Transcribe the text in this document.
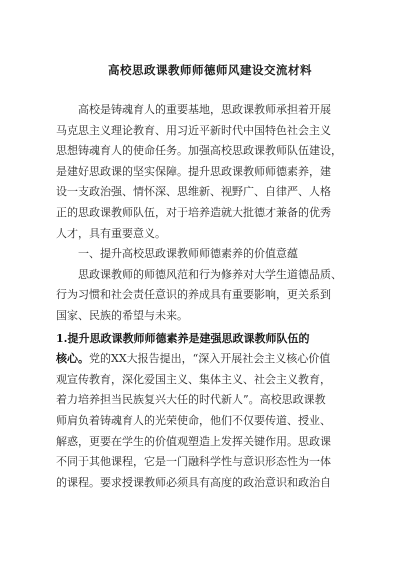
高校思政课教师师德师风建设交流材料
高校是铸魂育人的重要基地，思政课教师承担着开展
马克思主义理论教育、用习近平新时代中国特色社会主义
思想铸魂育人的使命任务。加强高校思政课教师队伍建设，
是建好思政课的坚实保障。提升思政课教师师德素养，建
设一支政治强、情怀深、思维新、视野广、自律严、人格
正的思政课教师队伍，对于培养造就大批德才兼备的优秀
人才，具有重要意义。
一、提升高校思政课教师师德素养的价值意蕴
思政课教师的师德风范和行为修养对大学生道德品质、
行为习惯和社会责任意识的养成具有重要影响，更关系到
国家、民族的希望与未来。
1.提升思政课教师师德素养是建强思政课教师队伍的
核心。党的XX大报告提出，“深入开展社会主义核心价值
观宣传教育，深化爱国主义、集体主义、社会主义教育，
着力培养担当民族复兴大任的时代新人”。高校思政课教
师肩负着铸魂育人的光荣使命，他们不仅要传道、授业、
解惑，更要在学生的价值观塑造上发挥关键作用。思政课
不同于其他课程，它是一门融科学性与意识形态性为一体
的课程。要求授课教师必须具有高度的政治意识和政治自
